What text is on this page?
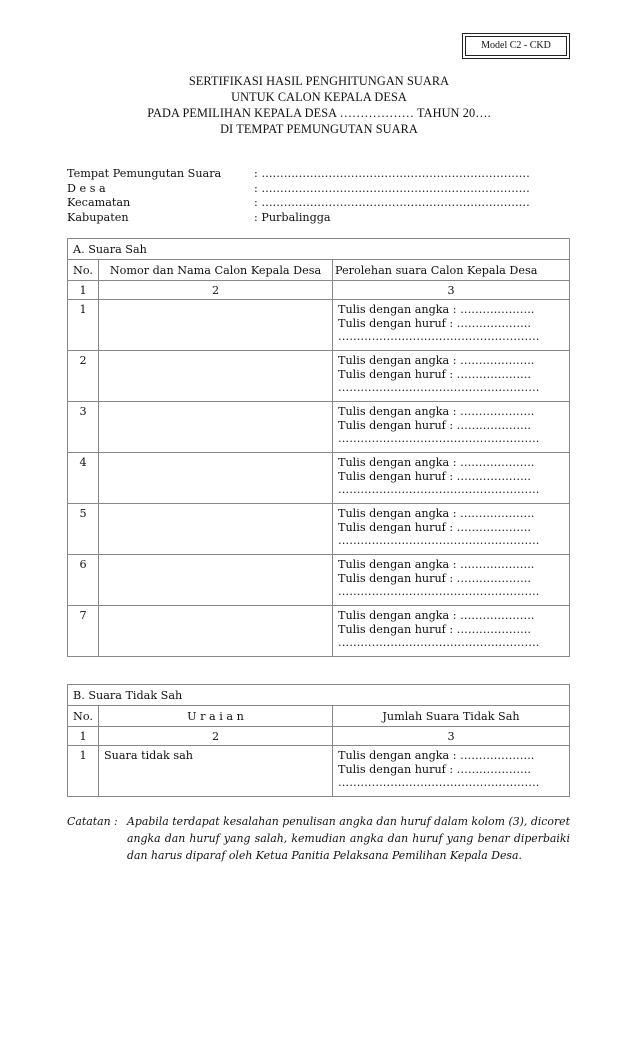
Model C2 - CKD
SERTIFIKASI HASIL PENGHITUNGAN SUARA
UNTUK CALON KEPALA DESA
PADA PEMILIHAN KEPALA DESA ……………… TAHUN 20….
DI TEMPAT PEMUNGUTAN SUARA
Tempat Pemungutan Suara	: ………………………………………………………………
D e s a	: ………………………………………………………………
Kecamatan	: ………………………………………………………………
Kabupaten	: Purbalingga
A. Suara Sah		
No.	Nomor dan Nama Calon Kepala Desa	Perolehan suara Calon Kepala Desa
1	2	3
1		Tulis dengan angka : ………………..
Tulis dengan huruf : ………………..
………………………………………………

2		Tulis dengan angka : ………………..
Tulis dengan huruf : ………………..
………………………………………………

3		Tulis dengan angka : ………………..
Tulis dengan huruf : ………………..
………………………………………………

4		Tulis dengan angka : ………………..
Tulis dengan huruf : ………………..
………………………………………………

5		Tulis dengan angka : ………………..
Tulis dengan huruf : ………………..
………………………………………………

6		Tulis dengan angka : ………………..
Tulis dengan huruf : ………………..
………………………………………………

7		Tulis dengan angka : ………………..
Tulis dengan huruf : ………………..
………………………………………………
B. Suara Tidak Sah		
No.	U r a i a n	Jumlah Suara Tidak Sah
1	2	3
1	Suara tidak sah	Tulis dengan angka : ………………..
Tulis dengan huruf : ………………..
………………………………………………
Catatan : Apabila terdapat kesalahan penulisan angka dan huruf dalam kolom (3), dicoret angka dan huruf yang salah, kemudian angka dan huruf yang benar diperbaiki dan harus diparaf oleh Ketua Panitia Pelaksana Pemilihan Kepala Desa.
